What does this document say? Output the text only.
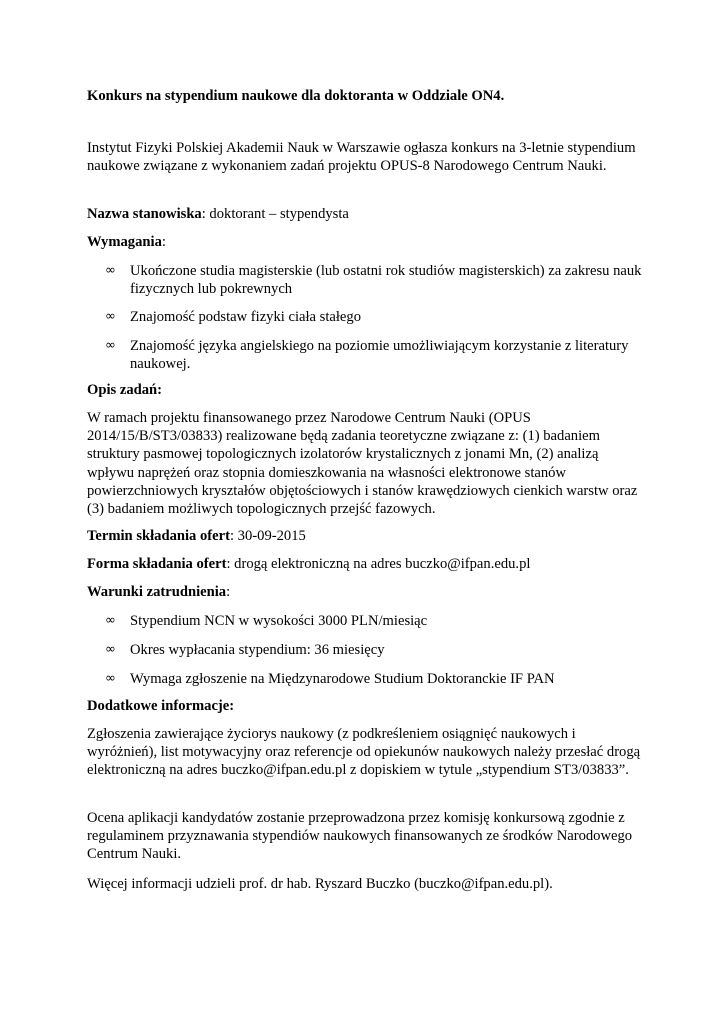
Konkurs na stypendium naukowe dla doktoranta w Oddziale ON4.

Instytut Fizyki Polskiej Akademii Nauk w Warszawie ogłasza konkurs na 3-letnie stypendium naukowe związane z wykonaniem zadań projektu OPUS-8 Narodowego Centrum Nauki.

Nazwa stanowiska: doktorant – stypendysta

Wymagania:

∞ Ukończone studia magisterskie (lub ostatni rok studiów magisterskich) za zakresu nauk fizycznych lub pokrewnych
∞ Znajomość podstaw fizyki ciała stałego
∞ Znajomość języka angielskiego na poziomie umożliwiającym korzystanie z literatury naukowej.

Opis zadań:

W ramach projektu finansowanego przez Narodowe Centrum Nauki (OPUS 2014/15/B/ST3/03833) realizowane będą zadania teoretyczne związane z: (1) badaniem struktury pasmowej topologicznych izolatorów krystalicznych z jonami Mn, (2) analizą wpływu naprężeń oraz stopnia domieszkowania na własności elektronowe stanów powierzchniowych kryształów objętościowych i stanów krawędziowych cienkich warstw oraz (3) badaniem możliwych topologicznych przejść fazowych.

Termin składania ofert: 30-09-2015

Forma składania ofert: drogą elektroniczną na adres buczko@ifpan.edu.pl

Warunki zatrudnienia:

∞ Stypendium NCN w wysokości 3000 PLN/miesiąc
∞ Okres wypłacania stypendium: 36 miesięcy
∞ Wymaga zgłoszenie na Międzynarodowe Studium Doktoranckie IF PAN

Dodatkowe informacje:

Zgłoszenia zawierające życiorys naukowy (z podkreśleniem osiągnięć naukowych i wyróżnień), list motywacyjny oraz referencje od opiekunów naukowych należy przesłać drogą elektroniczną na adres buczko@ifpan.edu.pl z dopiskiem w tytule „stypendium ST3/03833”.

Ocena aplikacji kandydatów zostanie przeprowadzona przez komisję konkursową zgodnie z regulaminem przyznawania stypendiów naukowych finansowanych ze środków Narodowego Centrum Nauki.

Więcej informacji udzieli prof. dr hab. Ryszard Buczko (buczko@ifpan.edu.pl).
